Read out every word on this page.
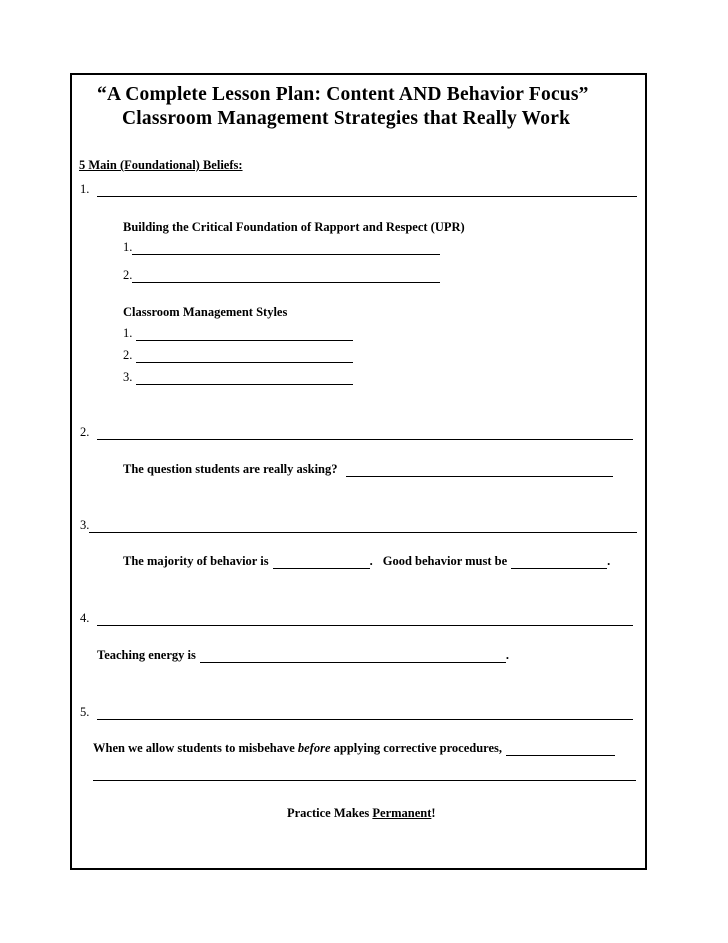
“A Complete Lesson Plan: Content AND Behavior Focus”
Classroom Management Strategies that Really Work
5 Main (Foundational) Beliefs:
1.
Building the Critical Foundation of Rapport and Respect (UPR)
1.
2.
Classroom Management Styles
1.
2.
3.
2.
The question students are really asking?
3.
The majority of behavior is	. Good behavior must be	.
4.
Teaching energy is	.
5.
When we allow students to misbehave before applying corrective procedures,
Practice Makes Permanent !
